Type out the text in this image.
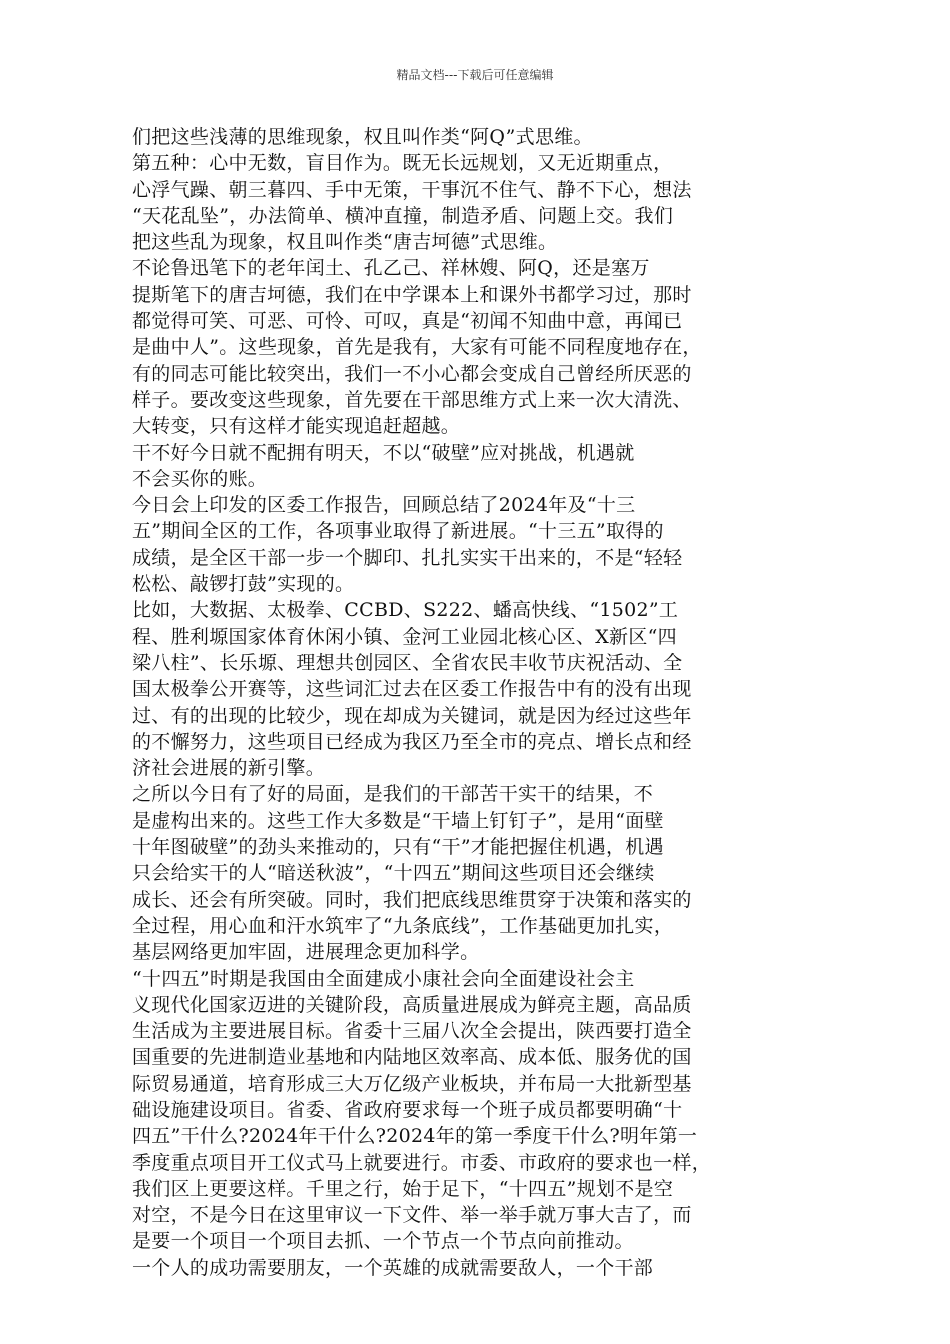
精品文档---下载后可任意编辑
们把这些浅薄的思维现象，权且叫作类“阿Q”式思维。
第五种：心中无数，盲目作为。既无长远规划，又无近期重点，
心浮气躁、朝三暮四、手中无策，干事沉不住气、静不下心，想法
“天花乱坠”，办法简单、横冲直撞，制造矛盾、问题上交。我们
把这些乱为现象，权且叫作类“唐吉坷德”式思维。
不论鲁迅笔下的老年闰土、孔乙己、祥林嫂、阿Q，还是塞万
提斯笔下的唐吉坷德，我们在中学课本上和课外书都学习过，那时
都觉得可笑、可恶、可怜、可叹，真是“初闻不知曲中意，再闻已
是曲中人”。这些现象，首先是我有，大家有可能不同程度地存在，
有的同志可能比较突出，我们一不小心都会变成自己曾经所厌恶的
样子。要改变这些现象，首先要在干部思维方式上来一次大清洗、
大转变，只有这样才能实现追赶超越。
干不好今日就不配拥有明天，不以“破壁”应对挑战，机遇就
不会买你的账。
今日会上印发的区委工作报告，回顾总结了2024年及“十三
五”期间全区的工作，各项事业取得了新进展。“十三五”取得的
成绩，是全区干部一步一个脚印、扎扎实实干出来的，不是“轻轻
松松、敲锣打鼓”实现的。
比如，大数据、太极拳、CCBD、S222、蟠高快线、“1502”工
程、胜利塬国家体育休闲小镇、金河工业园北核心区、X新区“四
梁八柱”、长乐塬、理想共创园区、全省农民丰收节庆祝活动、全
国太极拳公开赛等，这些词汇过去在区委工作报告中有的没有出现
过、有的出现的比较少，现在却成为关键词，就是因为经过这些年
的不懈努力，这些项目已经成为我区乃至全市的亮点、增长点和经
济社会进展的新引擎。
之所以今日有了好的局面，是我们的干部苦干实干的结果，不
是虚构出来的。这些工作大多数是“干墙上钉钉子”，是用“面壁
十年图破壁”的劲头来推动的，只有“干”才能把握住机遇，机遇
只会给实干的人“暗送秋波”，“十四五”期间这些项目还会继续
成长、还会有所突破。同时，我们把底线思维贯穿于决策和落实的
全过程，用心血和汗水筑牢了“九条底线”，工作基础更加扎实，
基层网络更加牢固，进展理念更加科学。
“十四五”时期是我国由全面建成小康社会向全面建设社会主
义现代化国家迈进的关键阶段，高质量进展成为鲜亮主题，高品质
生活成为主要进展目标。省委十三届八次全会提出，陕西要打造全
国重要的先进制造业基地和内陆地区效率高、成本低、服务优的国
际贸易通道，培育形成三大万亿级产业板块，并布局一大批新型基
础设施建设项目。省委、省政府要求每一个班子成员都要明确“十
四五”干什么?2024年干什么?2024年的第一季度干什么?明年第一
季度重点项目开工仪式马上就要进行。市委、市政府的要求也一样，
我们区上更要这样。千里之行，始于足下，“十四五”规划不是空
对空，不是今日在这里审议一下文件、举一举手就万事大吉了，而
是要一个项目一个项目去抓、一个节点一个节点向前推动。
一个人的成功需要朋友，一个英雄的成就需要敌人，一个干部
